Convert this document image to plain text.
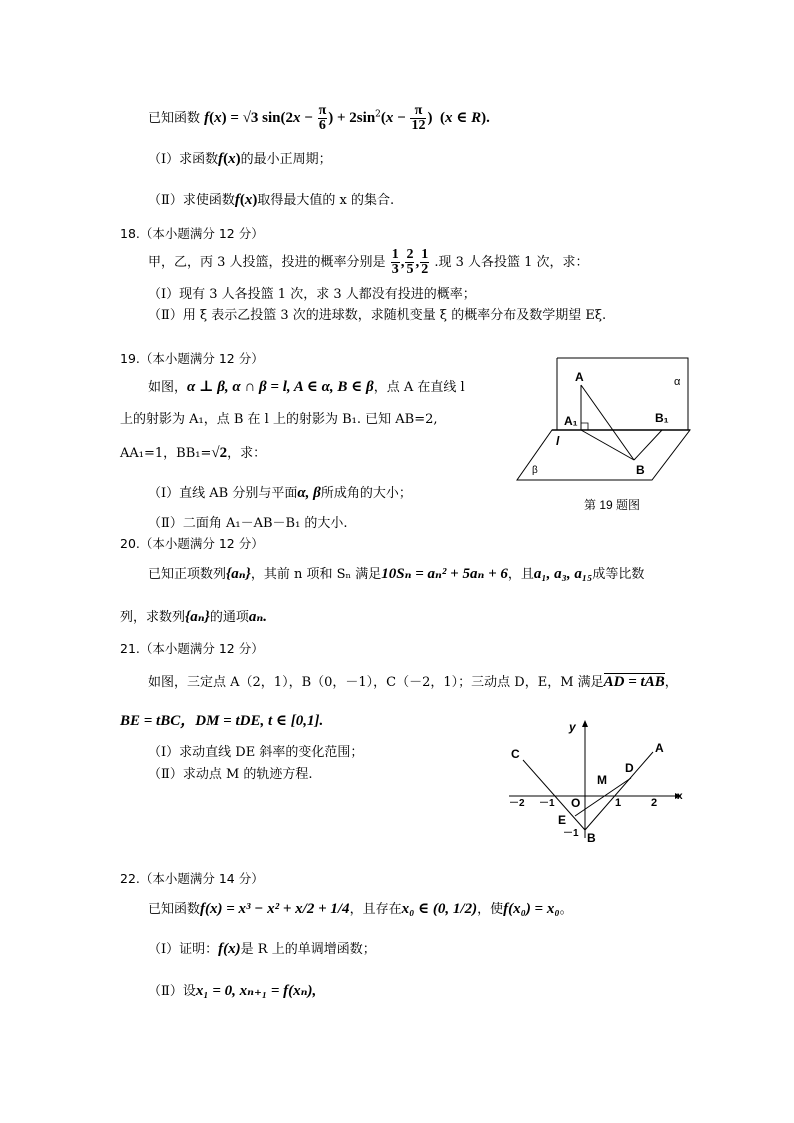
已知函数 f(x) = √3 $\sin(2x - \frac{\pi}{6}$ ) + $2\sin^2(x - \frac{\pi}{12}$ )  (x ∈ R).
（Ⅰ）求函数f(x)的最小正周期；
（Ⅱ）求使函数f(x)取得最大值的 x 的集合.
18.（本小题满分 12 分）
甲，乙，丙 3 人投篮，投进的概率分别是 $\frac{1}{3}$ , $\frac{2}{5}$ , $\frac{1}{2}$ .现 3 人各投篮 1 次，求：
（Ⅰ）现有 3 人各投篮 1 次，求 3 人都没有投进的概率；
（Ⅱ）用 ξ 表示乙投篮 3 次的进球数，求随机变量 ξ 的概率分布及数学期望 Eξ.
19.（本小题满分 12 分）
如图，α ⊥ β, α ∩ β = l, A ∈ α, B ∈ β，点 A 在直线 l
上的射影为 A₁，点 B 在 l 上的射影为 B₁. 已知 AB=2,
AA₁=1，BB₁=√2，求：
（Ⅰ）直线 AB 分别与平面α, β所成角的大小；
（Ⅱ）二面角 A₁－AB－B₁ 的大小.
A	α
A₁	B₁
l
β	B
第 19 题图
20.（本小题满分 12 分）
已知正项数列{aₙ}，其前 n 项和 Sₙ 满足10Sₙ = aₙ² + 5aₙ + 6，且a₁, a₃, a₁₅成等比数
列，求数列{aₙ}的通项aₙ.
21.（本小题满分 12 分）
如图，三定点 A（2，1），B（0，－1），C（－2，1）；三动点 D，E，M 满足AD = tAB，
BE = tBC，DM = tDE, t ∈ [0,1].
（Ⅰ）求动直线 DE 斜率的变化范围；
（Ⅱ）求动点 M 的轨迹方程.
y
x
C	A
D
M
O
E
B
1	2
－1
－2
－1
22.（本小题满分 14 分）
已知函数f(x) = x³ − x² + x/2 + 1/4，且存在x₀ ∈ (0, 1/2)，使f(x₀) = x₀。
（Ⅰ）证明：f(x)是 R 上的单调增函数；
（Ⅱ）设x₁ = 0, xₙ₊₁ = f(xₙ),
